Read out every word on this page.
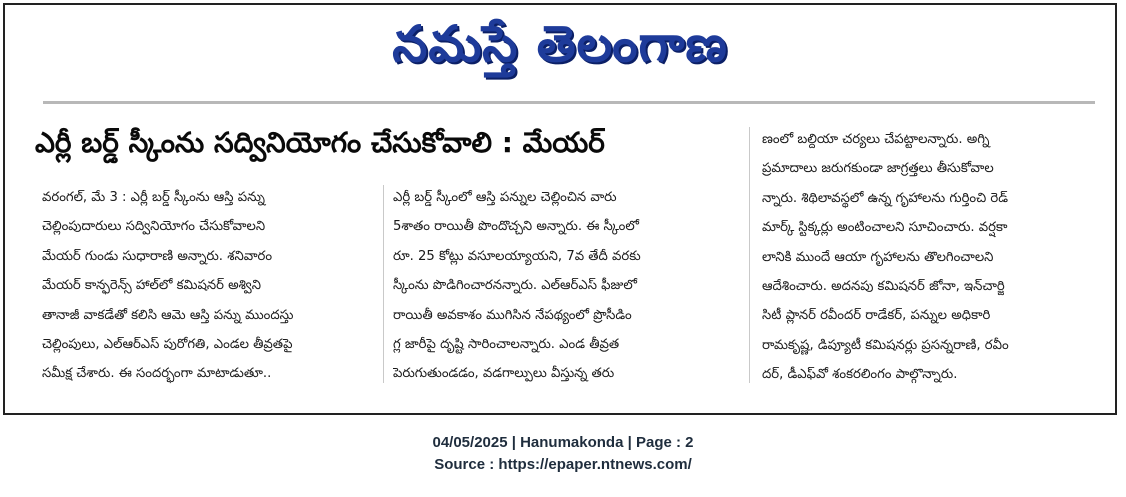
నమస్తే తెలంగాణ
ఎర్లీ బర్డ్ స్కీంను సద్వినియోగం చేసుకోవాలి : మేయర్
వరంగల్, మే 3 : ఎర్లీ బర్డ్ స్కీంను ఆస్తి పన్ను
చెల్లింపుదారులు సద్వినియోగం చేసుకోవాలని
మేయర్ గుండు సుధారాణి అన్నారు. శనివారం
మేయర్ కాన్ఫరెన్స్ హాల్‌లో కమిషనర్ అశ్విని
తానాజీ వాకడేతో కలిసి ఆమె ఆస్తి పన్ను ముందస్తు
చెల్లింపులు, ఎల్ఆర్ఎస్ పురోగతి, ఎండల తీవ్రతపై
సమీక్ష చేశారు. ఈ సందర్భంగా మాటాడుతూ..
ఎర్లీ బర్డ్ స్కీంలో ఆస్తి పన్నుల చెల్లించిన వారు
5శాతం రాయితీ పొందొచ్చని అన్నారు. ఈ స్కీంలో
రూ. 25 కోట్లు వసూలయ్యాయని, 7వ తేదీ వరకు
స్కీంను పొడిగించారనన్నారు. ఎల్ఆర్ఎస్ ఫీజులో
రాయితీ అవకాశం ముగిసిన నేపథ్యంలో ప్రొసీడిం
గ్ల జారీపై దృష్టి సారించాలన్నారు. ఎండ తీవ్రత
పెరుగుతుండడం, వడగాల్పులు వీస్తున్న తరు
ణంలో బల్దియా చర్యలు చేపట్టాలన్నారు. అగ్ని
ప్రమాదాలు జరుగకుండా జాగ్రత్తలు తీసుకోవాల
న్నారు. శిథిలావస్థలో ఉన్న గృహాలను గుర్తించి రెడ్
మార్క్ స్టిక్కర్లు అంటించాలని సూచించారు. వర్షకా
లానికి ముందే ఆయా గృహాలను తొలగించాలని
ఆదేశించారు. అదనపు కమిషనర్ జోనా, ఇన్‌చార్జి
సిటీ ప్లానర్ రవీందర్ రాడేకర్, పన్నుల అధికారి
రామకృష్ణ, డిప్యూటీ కమిషనర్లు ప్రసన్నరాణి, రవీం
దర్, డీఎఫ్‌వో శంకరలింగం పాల్గొన్నారు.
04/05/2025 | Hanumakonda | Page : 2
Source : https://epaper.ntnews.com/
